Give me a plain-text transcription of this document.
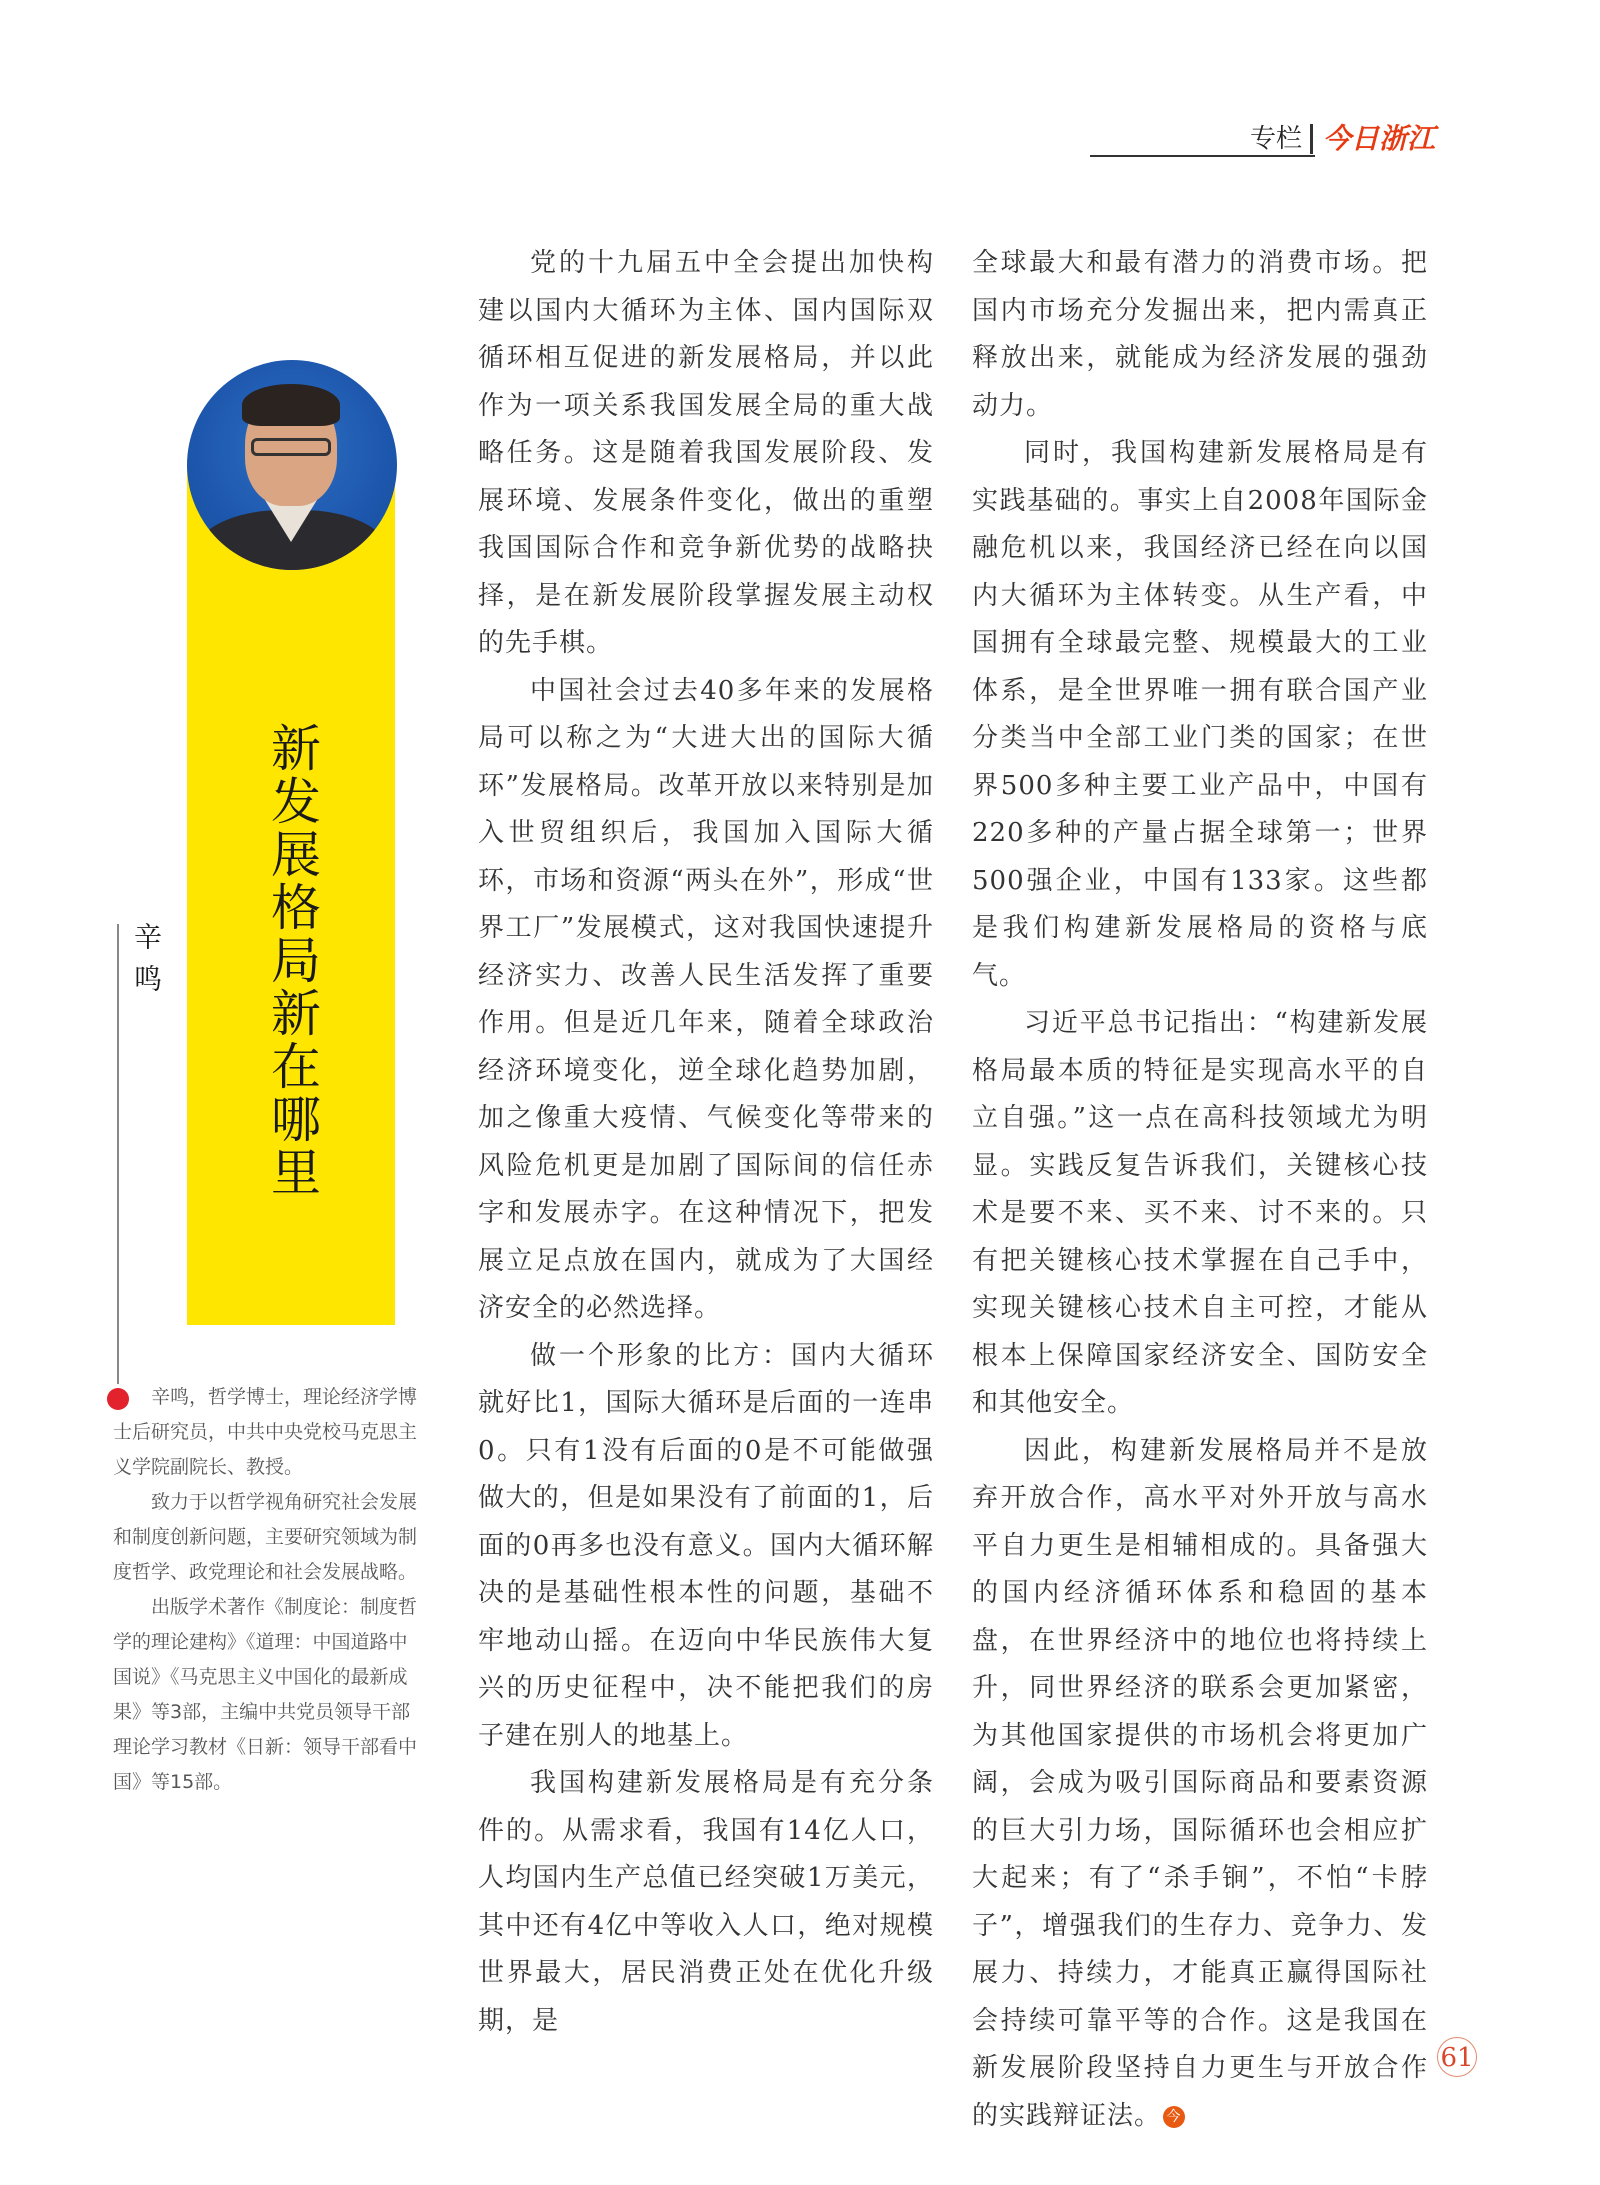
专栏 今日浙江
新发展格局新在哪里
辛鸣

辛鸣，哲学博士，理论经济学博士后研究员，中共中央党校马克思主义学院副院长、教授。

致力于以哲学视角研究社会发展和制度创新问题，主要研究领域为制度哲学、政党理论和社会发展战略。

出版学术著作《制度论：制度哲学的理论建构》《道理：中国道路中国说》《马克思主义中国化的最新成果》等3部，主编中共党员领导干部理论学习教材《日新：领导干部看中国》等15部。

党的十九届五中全会提出加快构建以国内大循环为主体、国内国际双循环相互促进的新发展格局，并以此作为一项关系我国发展全局的重大战略任务。这是随着我国发展阶段、发展环境、发展条件变化，做出的重塑我国国际合作和竞争新优势的战略抉择，是在新发展阶段掌握发展主动权的先手棋。

中国社会过去40多年来的发展格局可以称之为“大进大出的国际大循环”发展格局。改革开放以来特别是加入世贸组织后，我国加入国际大循环，市场和资源“两头在外”，形成“世界工厂”发展模式，这对我国快速提升经济实力、改善人民生活发挥了重要作用。但是近几年来，随着全球政治经济环境变化，逆全球化趋势加剧，加之像重大疫情、气候变化等带来的风险危机更是加剧了国际间的信任赤字和发展赤字。在这种情况下，把发展立足点放在国内，就成为了大国经济安全的必然选择。

做一个形象的比方：国内大循环就好比1，国际大循环是后面的一连串0。只有1没有后面的0是不可能做强做大的，但是如果没有了前面的1，后面的0再多也没有意义。国内大循环解决的是基础性根本性的问题，基础不牢地动山摇。在迈向中华民族伟大复兴的历史征程中，决不能把我们的房子建在别人的地基上。

我国构建新发展格局是有充分条件的。从需求看，我国有14亿人口，人均国内生产总值已经突破1万美元，其中还有4亿中等收入人口，绝对规模世界最大，居民消费正处在优化升级期，是

全球最大和最有潜力的消费市场。把国内市场充分发掘出来，把内需真正释放出来，就能成为经济发展的强劲动力。

同时，我国构建新发展格局是有实践基础的。事实上自2008年国际金融危机以来，我国经济已经在向以国内大循环为主体转变。从生产看，中国拥有全球最完整、规模最大的工业体系，是全世界唯一拥有联合国产业分类当中全部工业门类的国家；在世界500多种主要工业产品中，中国有220多种的产量占据全球第一；世界500强企业，中国有133家。这些都是我们构建新发展格局的资格与底气。

习近平总书记指出：“构建新发展格局最本质的特征是实现高水平的自立自强。”这一点在高科技领域尤为明显。实践反复告诉我们，关键核心技术是要不来、买不来、讨不来的。只有把关键核心技术掌握在自己手中，实现关键核心技术自主可控，才能从根本上保障国家经济安全、国防安全和其他安全。

因此，构建新发展格局并不是放弃开放合作，高水平对外开放与高水平自力更生是相辅相成的。具备强大的国内经济循环体系和稳固的基本盘，在世界经济中的地位也将持续上升，同世界经济的联系会更加紧密，为其他国家提供的市场机会将更加广阔，会成为吸引国际商品和要素资源的巨大引力场，国际循环也会相应扩大起来；有了“杀手锏”，不怕“卡脖子”，增强我们的生存力、竞争力、发展力、持续力，才能真正赢得国际社会持续可靠平等的合作。这是我国在新发展阶段坚持自力更生与开放合作的实践辩证法。 今

61
